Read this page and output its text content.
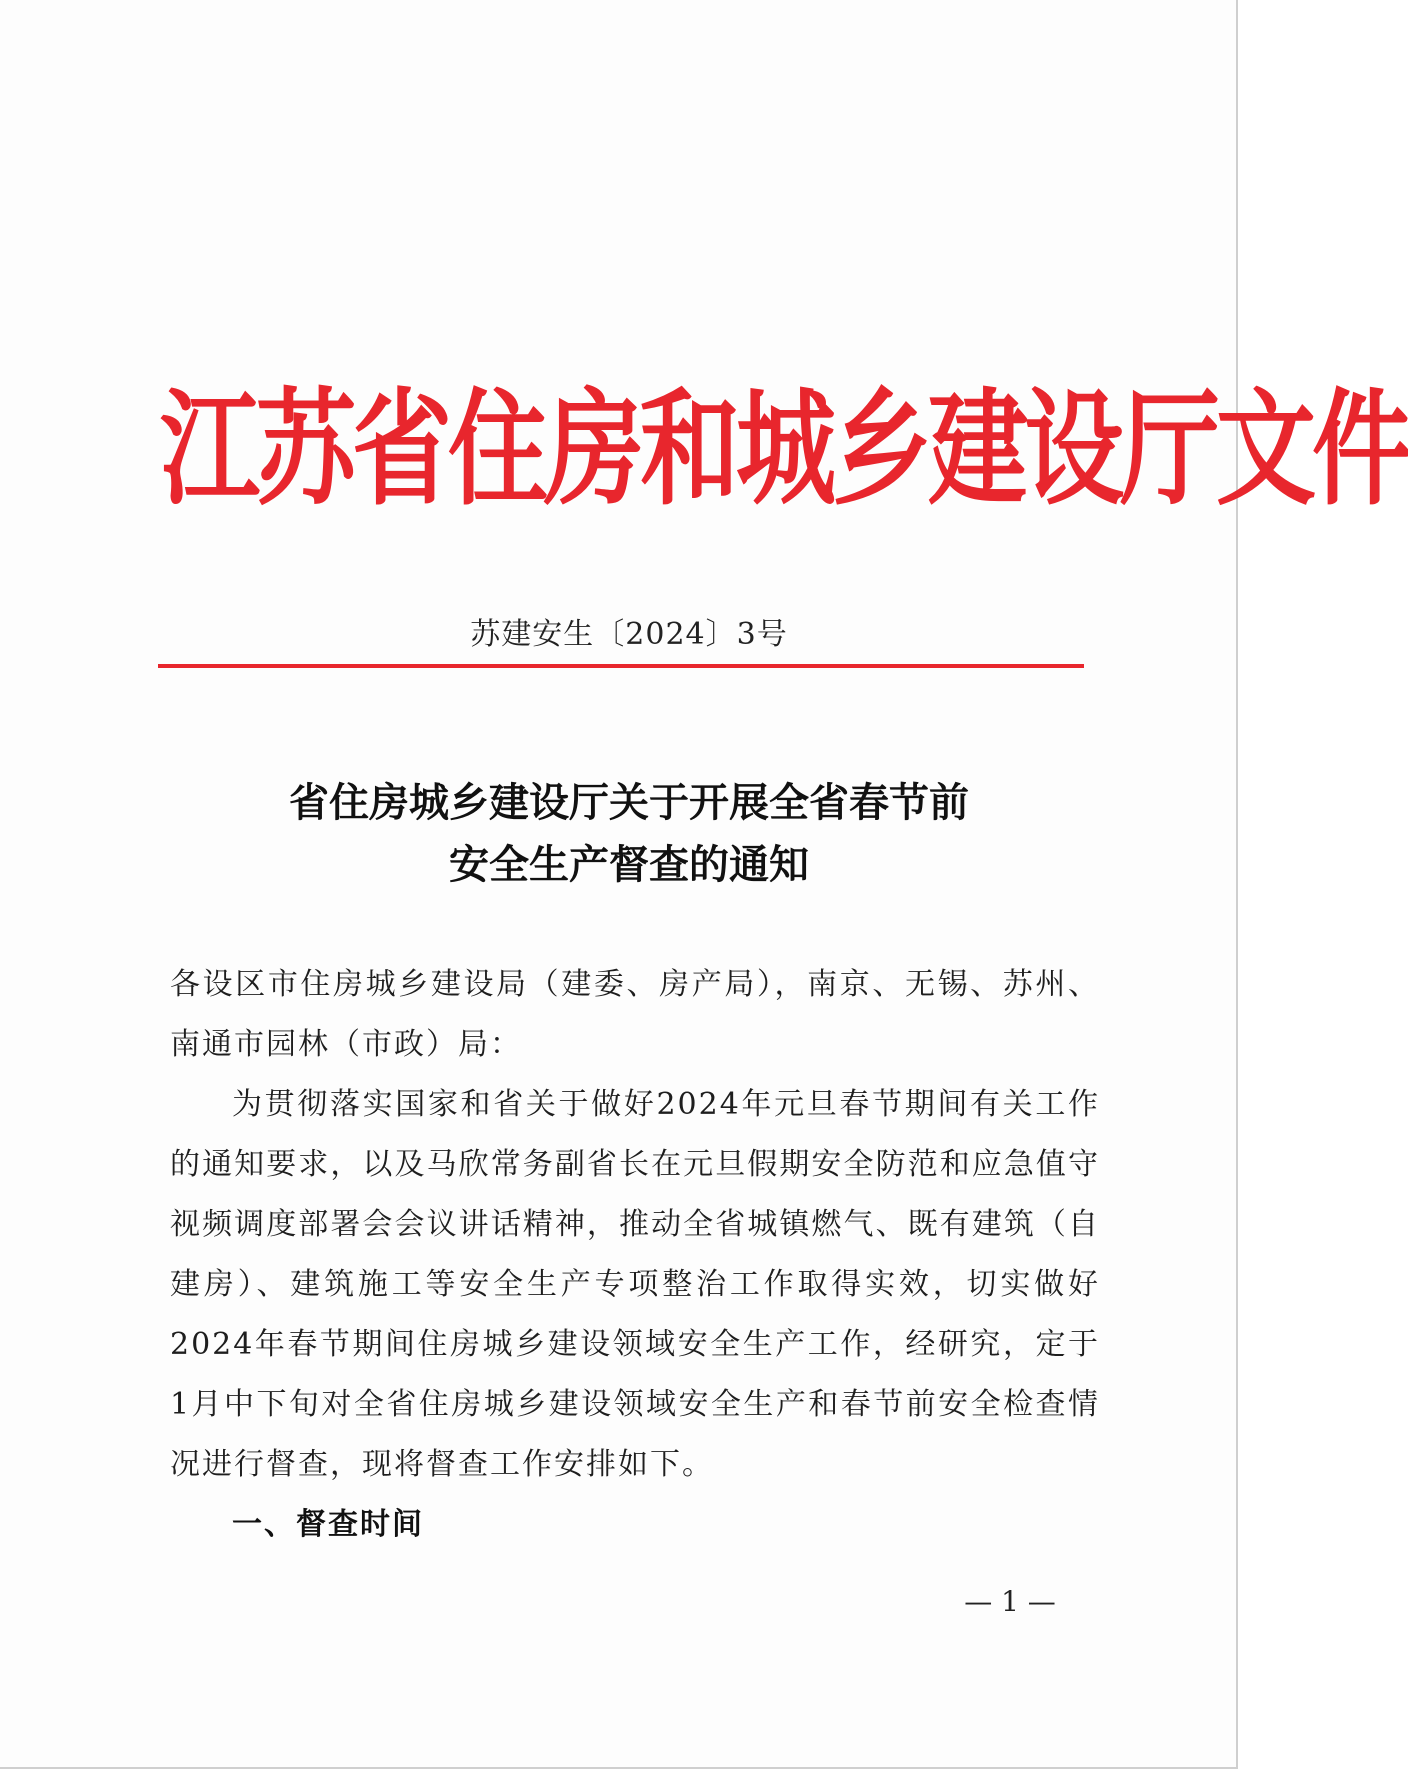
江苏省住房和城乡建设厅文件
苏建安生〔2024〕3号
省住房城乡建设厅关于开展全省春节前
安全生产督查的通知

各设区市住房城乡建设局（建委、房产局），南京、无锡、苏州、南通市园林（市政）局：

为贯彻落实国家和省关于做好2024年元旦春节期间有关工作的通知要求，以及马欣常务副省长在元旦假期安全防范和应急值守视频调度部署会会议讲话精神，推动全省城镇燃气、既有建筑（自建房）、建筑施工等安全生产专项整治工作取得实效，切实做好2024年春节期间住房城乡建设领域安全生产工作，经研究，定于1月中下旬对全省住房城乡建设领域安全生产和春节前安全检查情况进行督查，现将督查工作安排如下。

一、督查时间

— 1 —
